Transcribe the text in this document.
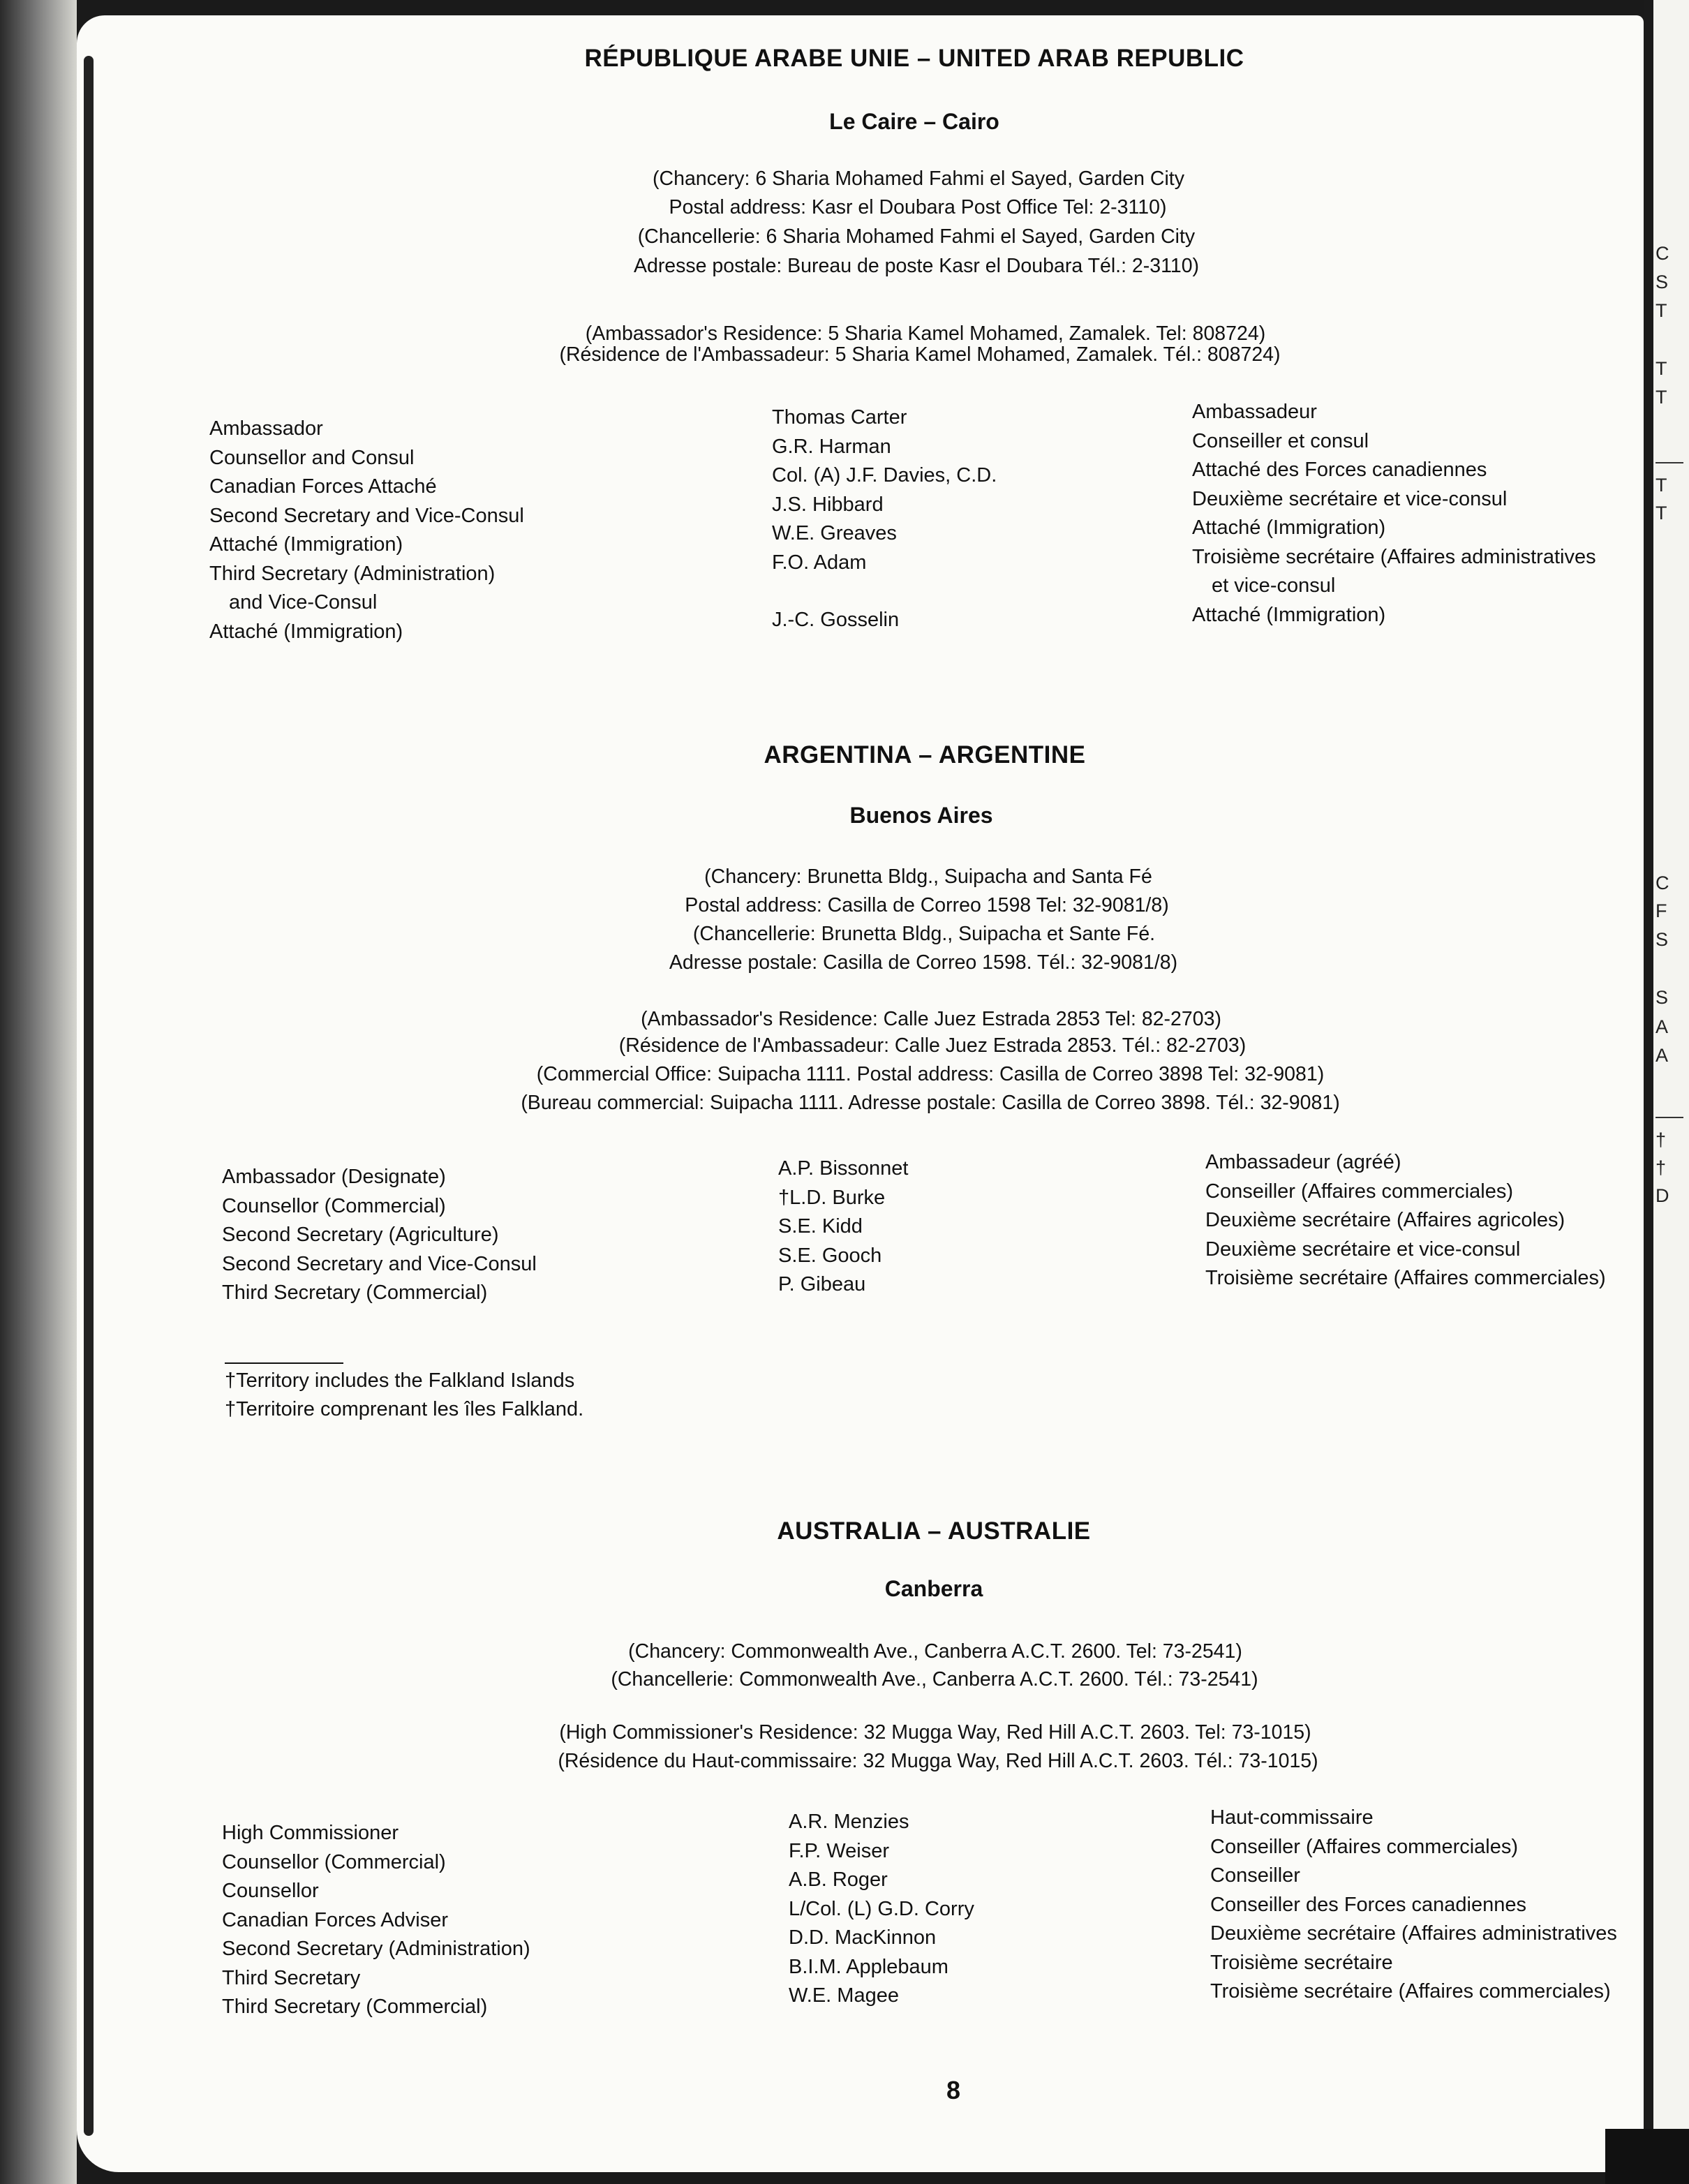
C
S
T
T
T
T
T
C
F
S
S
A
A
†
†
D
RÉPUBLIQUE ARABE UNIE – UNITED ARAB REPUBLIC
Le Caire – Cairo
(Chancery: 6 Sharia Mohamed Fahmi el Sayed, Garden City
Postal address: Kasr el Doubara Post Office Tel: 2-3110)
(Chancellerie: 6 Sharia Mohamed Fahmi el Sayed, Garden City
Adresse postale: Bureau de poste Kasr el Doubara Tél.: 2-3110)
(Ambassador's Residence: 5 Sharia Kamel Mohamed, Zamalek. Tel: 808724)
(Résidence de l'Ambassadeur: 5 Sharia Kamel Mohamed, Zamalek. Tél.: 808724)
Ambassador
Counsellor and Consul
Canadian Forces Attaché
Second Secretary and Vice-Consul
Attaché (Immigration)
Third Secretary (Administration)
and Vice-Consul
Attaché (Immigration)
Thomas Carter
G.R. Harman
Col. (A) J.F. Davies, C.D.
J.S. Hibbard
W.E. Greaves
F.O. Adam
J.-C. Gosselin
Ambassadeur
Conseiller et consul
Attaché des Forces canadiennes
Deuxième secrétaire et vice-consul
Attaché (Immigration)
Troisième secrétaire (Affaires administratives
et vice-consul
Attaché (Immigration)
ARGENTINA – ARGENTINE
Buenos Aires
(Chancery: Brunetta Bldg., Suipacha and Santa Fé
Postal address: Casilla de Correo 1598 Tel: 32-9081/8)
(Chancellerie: Brunetta Bldg., Suipacha et Sante Fé.
Adresse postale: Casilla de Correo 1598. Tél.: 32-9081/8)
(Ambassador's Residence: Calle Juez Estrada 2853 Tel: 82-2703)
(Résidence de l'Ambassadeur: Calle Juez Estrada 2853. Tél.: 82-2703)
(Commercial Office: Suipacha 1111. Postal address: Casilla de Correo 3898 Tel: 32-9081)
(Bureau commercial: Suipacha 1111. Adresse postale: Casilla de Correo 3898. Tél.: 32-9081)
Ambassador (Designate)
Counsellor (Commercial)
Second Secretary (Agriculture)
Second Secretary and Vice-Consul
Third Secretary (Commercial)
A.P. Bissonnet
†L.D. Burke
S.E. Kidd
S.E. Gooch
P. Gibeau
Ambassadeur (agréé)
Conseiller (Affaires commerciales)
Deuxième secrétaire (Affaires agricoles)
Deuxième secrétaire et vice-consul
Troisième secrétaire (Affaires commerciales)
†Territory includes the Falkland Islands
†Territoire comprenant les îles Falkland.
AUSTRALIA – AUSTRALIE
Canberra
(Chancery: Commonwealth Ave., Canberra A.C.T. 2600. Tel: 73-2541)
(Chancellerie: Commonwealth Ave., Canberra A.C.T. 2600. Tél.: 73-2541)
(High Commissioner's Residence: 32 Mugga Way, Red Hill A.C.T. 2603. Tel: 73-1015)
(Résidence du Haut-commissaire: 32 Mugga Way, Red Hill A.C.T. 2603. Tél.: 73-1015)
High Commissioner
Counsellor (Commercial)
Counsellor
Canadian Forces Adviser
Second Secretary (Administration)
Third Secretary
Third Secretary (Commercial)
A.R. Menzies
F.P. Weiser
A.B. Roger
L/Col. (L) G.D. Corry
D.D. MacKinnon
B.I.M. Applebaum
W.E. Magee
Haut-commissaire
Conseiller (Affaires commerciales)
Conseiller
Conseiller des Forces canadiennes
Deuxième secrétaire (Affaires administratives
Troisième secrétaire
Troisième secrétaire (Affaires commerciales)
8
